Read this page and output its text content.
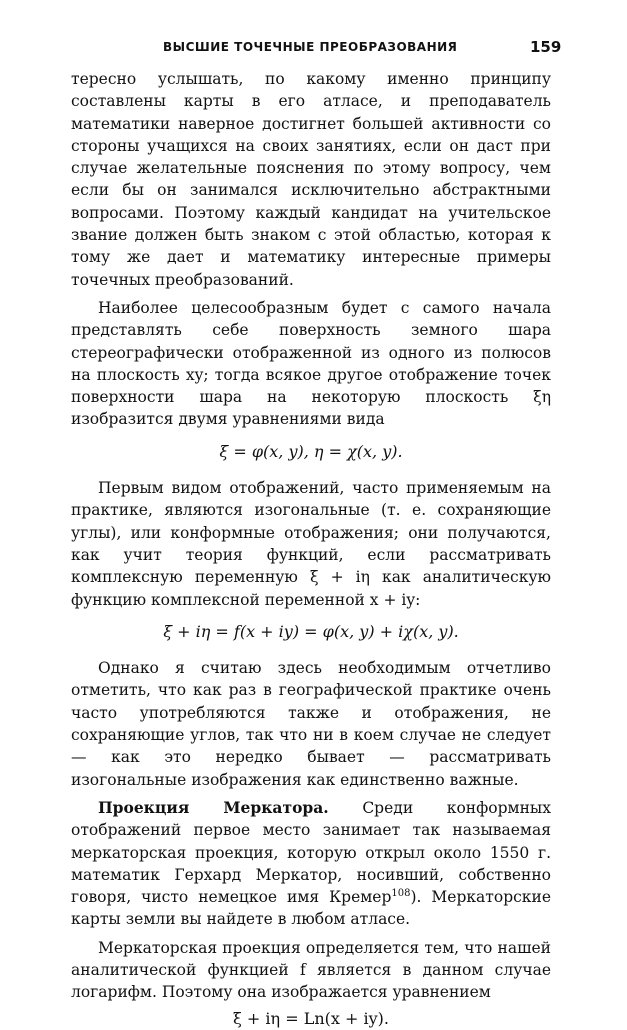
ВЫСШИЕ ТОЧЕЧНЫЕ ПРЕОБРАЗОВАНИЯ	159

тересно услышать, по какому именно принципу составлены карты в его атласе, и преподаватель математики наверное достигнет большей активности со стороны учащихся на своих занятиях, если он даст при случае желательные пояснения по этому вопросу, чем если бы он занимался исключительно абстрактными вопросами. Поэтому каждый кандидат на учительское звание должен быть знаком с этой областью, которая к тому же дает и математику интересные примеры точечных преобразований.

Наиболее целесообразным будет с самого начала представлять себе поверхность земного шара стереографически отображенной из одного из полюсов на плоскость xy; тогда всякое другое отображение точек поверхности шара на некоторую плоскость ξη изобразится двумя уравнениями вида

ξ = φ(x, y), η = χ(x, y).

Первым видом отображений, часто применяемым на практике, являются изогональные (т. е. сохраняющие углы), или конформные отображения; они получаются, как учит теория функций, если рассматривать комплексную переменную ξ + iη как аналитическую функцию комплексной переменной x + iy:

ξ + iη = f(x + iy) = φ(x, y) + iχ(x, y).

Однако я считаю здесь необходимым отчетливо отметить, что как раз в географической практике очень часто употребляются также и отображения, не сохраняющие углов, так что ни в коем случае не следует — как это нередко бывает — рассматривать изогональные изображения как единственно важные.

Проекция Меркатора. Среди конформных отображений первое место занимает так называемая меркаторская проекция, которую открыл около 1550 г. математик Герхард Меркатор, носивший, собственно говоря, чисто немецкое имя Кремер$^{108}$). Меркаторские карты земли вы найдете в любом атласе.

Меркаторская проекция определяется тем, что нашей аналитической функцией f является в данном случае логарифм. Поэтому она изображается уравнением

ξ + iη = Ln(x + iy).
